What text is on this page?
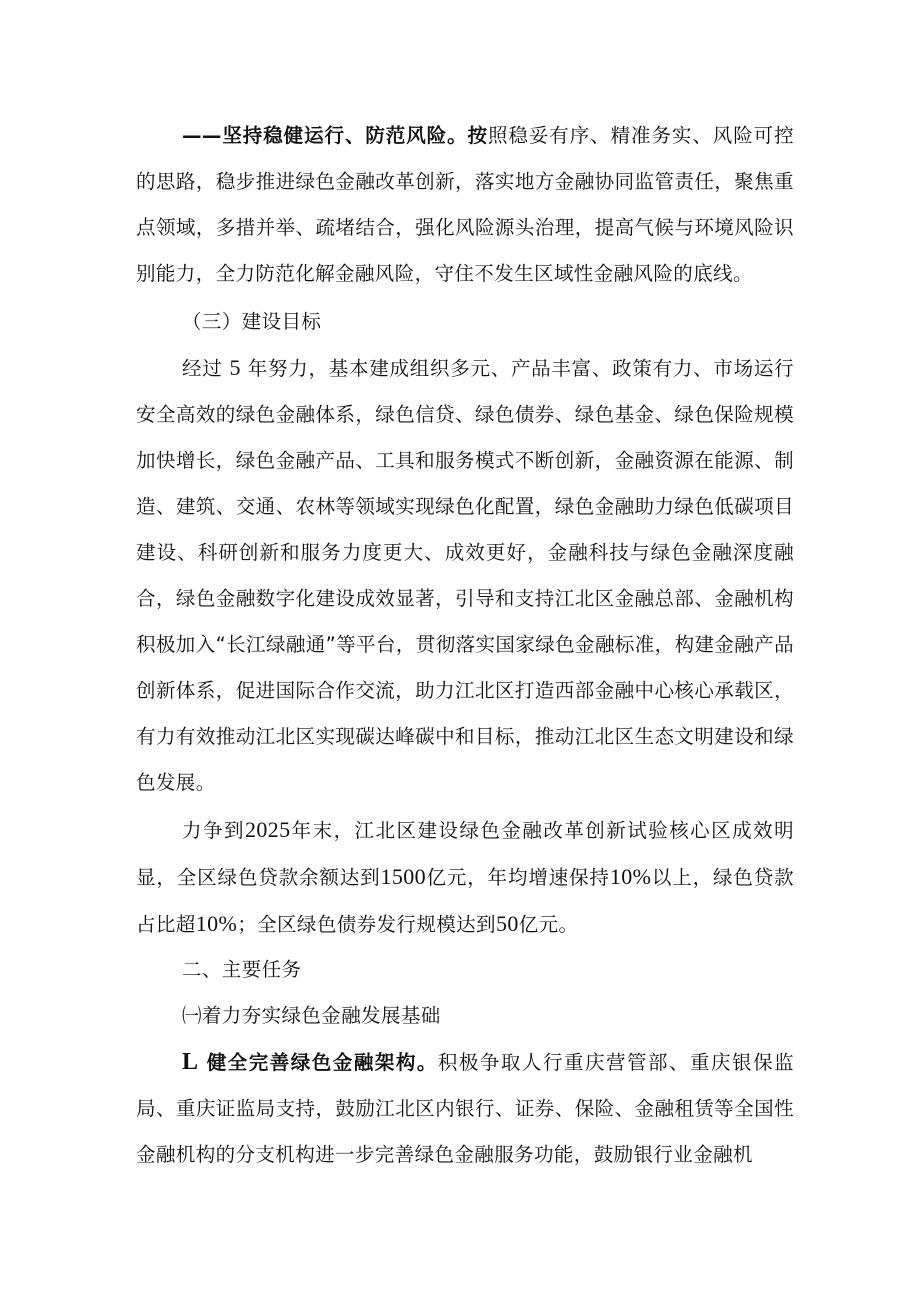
——坚持稳健运行、防范风险。按照稳妥有序、精准务实、风险可控的思路，稳步推进绿色金融改革创新，落实地方金融协同监管责任，聚焦重点领域，多措并举、疏堵结合，强化风险源头治理，提高气候与环境风险识别能力，全力防范化解金融风险，守住不发生区域性金融风险的底线。
（三）建设目标
经过 5 年努力，基本建成组织多元、产品丰富、政策有力、市场运行安全高效的绿色金融体系，绿色信贷、绿色债券、绿色基金、绿色保险规模加快增长，绿色金融产品、工具和服务模式不断创新，金融资源在能源、制造、建筑、交通、农林等领域实现绿色化配置，绿色金融助力绿色低碳项目建设、科研创新和服务力度更大、成效更好，金融科技与绿色金融深度融合，绿色金融数字化建设成效显著，引导和支持江北区金融总部、金融机构积极加入“长江绿融通”等平台，贯彻落实国家绿色金融标准，构建金融产品创新体系，促进国际合作交流，助力江北区打造西部金融中心核心承载区，有力有效推动江北区实现碳达峰碳中和目标，推动江北区生态文明建设和绿色发展。
力争到2025年末，江北区建设绿色金融改革创新试验核心区成效明显，全区绿色贷款余额达到1500亿元，年均增速保持10%以上，绿色贷款占比超10%；全区绿色债券发行规模达到50亿元。
二、主要任务
㈠着力夯实绿色金融发展基础
L 健全完善绿色金融架构。积极争取人行重庆营管部、重庆银保监局、重庆证监局支持，鼓励江北区内银行、证券、保险、金融租赁等全国性金融机构的分支机构进一步完善绿色金融服务功能，鼓励银行业金融机
